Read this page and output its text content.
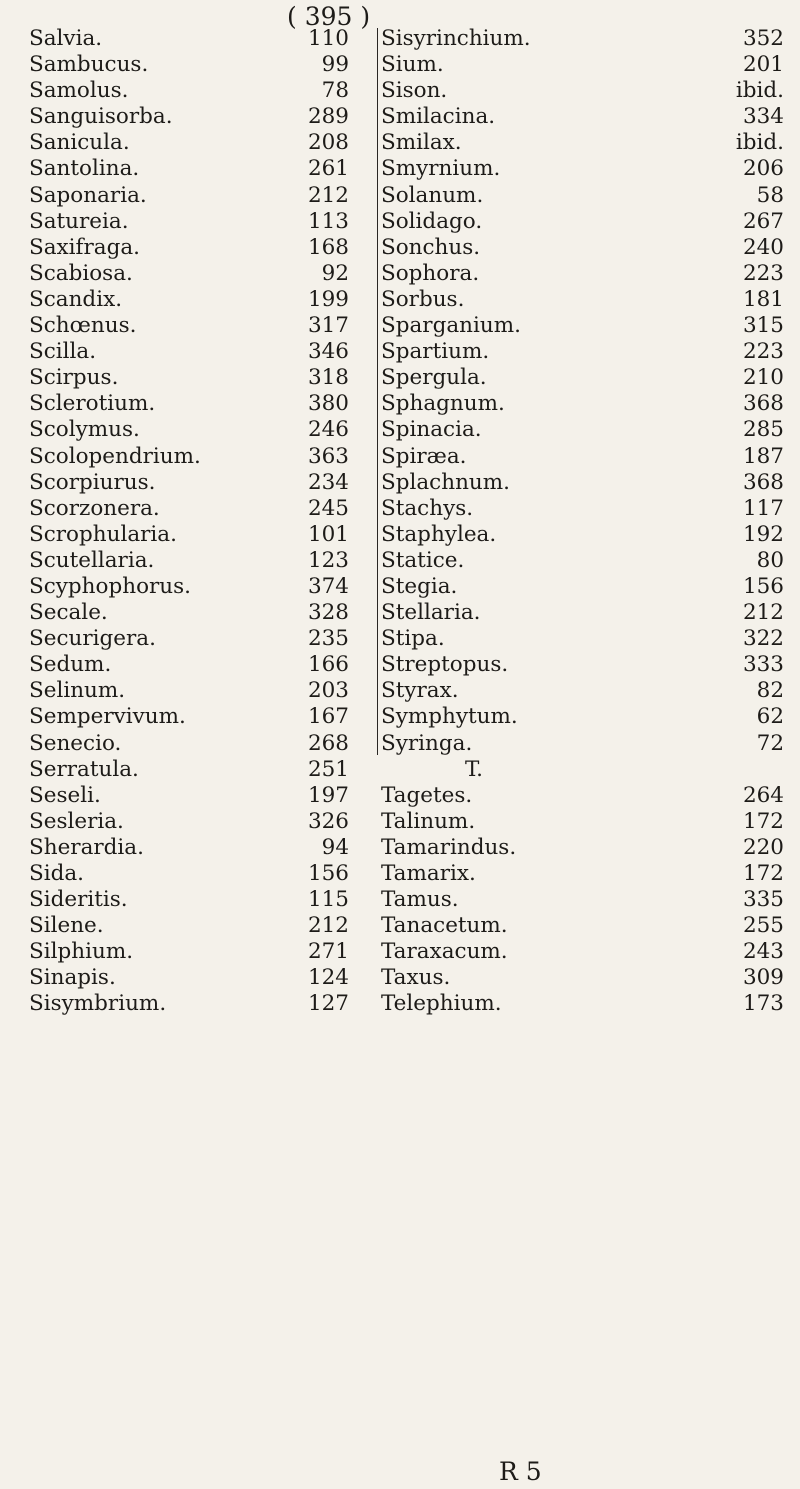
( 395 )
Salvia.	110
Sambucus.	99
Samolus.	78
Sanguisorba.	289
Sanicula.	208
Santolina.	261
Saponaria.	212
Satureia.	113
Saxifraga.	168
Scabiosa.	92
Scandix.	199
Schœnus.	317
Scilla.	346
Scirpus.	318
Sclerotium.	380
Scolymus.	246
Scolopendrium.	363
Scorpiurus.	234
Scorzonera.	245
Scrophularia.	101
Scutellaria.	123
Scyphophorus.	374
Secale.	328
Securigera.	235
Sedum.	166
Selinum.	203
Sempervivum.	167
Senecio.	268
Serratula.	251
Seseli.	197
Sesleria.	326
Sherardia.	94
Sida.	156
Sideritis.	115
Silene.	212
Silphium.	271
Sinapis.	124
Sisymbrium.	127
Sisyrinchium.	352
Sium.	201
Sison.	ibid.
Smilacina.	334
Smilax.	ibid.
Smyrnium.	206
Solanum.	58
Solidago.	267
Sonchus.	240
Sophora.	223
Sorbus.	181
Sparganium.	315
Spartium.	223
Spergula.	210
Sphagnum.	368
Spinacia.	285
Spiræa.	187
Splachnum.	368
Stachys.	117
Staphylea.	192
Statice.	80
Stegia.	156
Stellaria.	212
Stipa.	322
Streptopus.	333
Styrax.	82
Symphytum.	62
Syringa.	72
T.
Tagetes.	264
Talinum.	172
Tamarindus.	220
Tamarix.	172
Tamus.	335
Tanacetum.	255
Taraxacum.	243
Taxus.	309
Telephium.	173
R 5
